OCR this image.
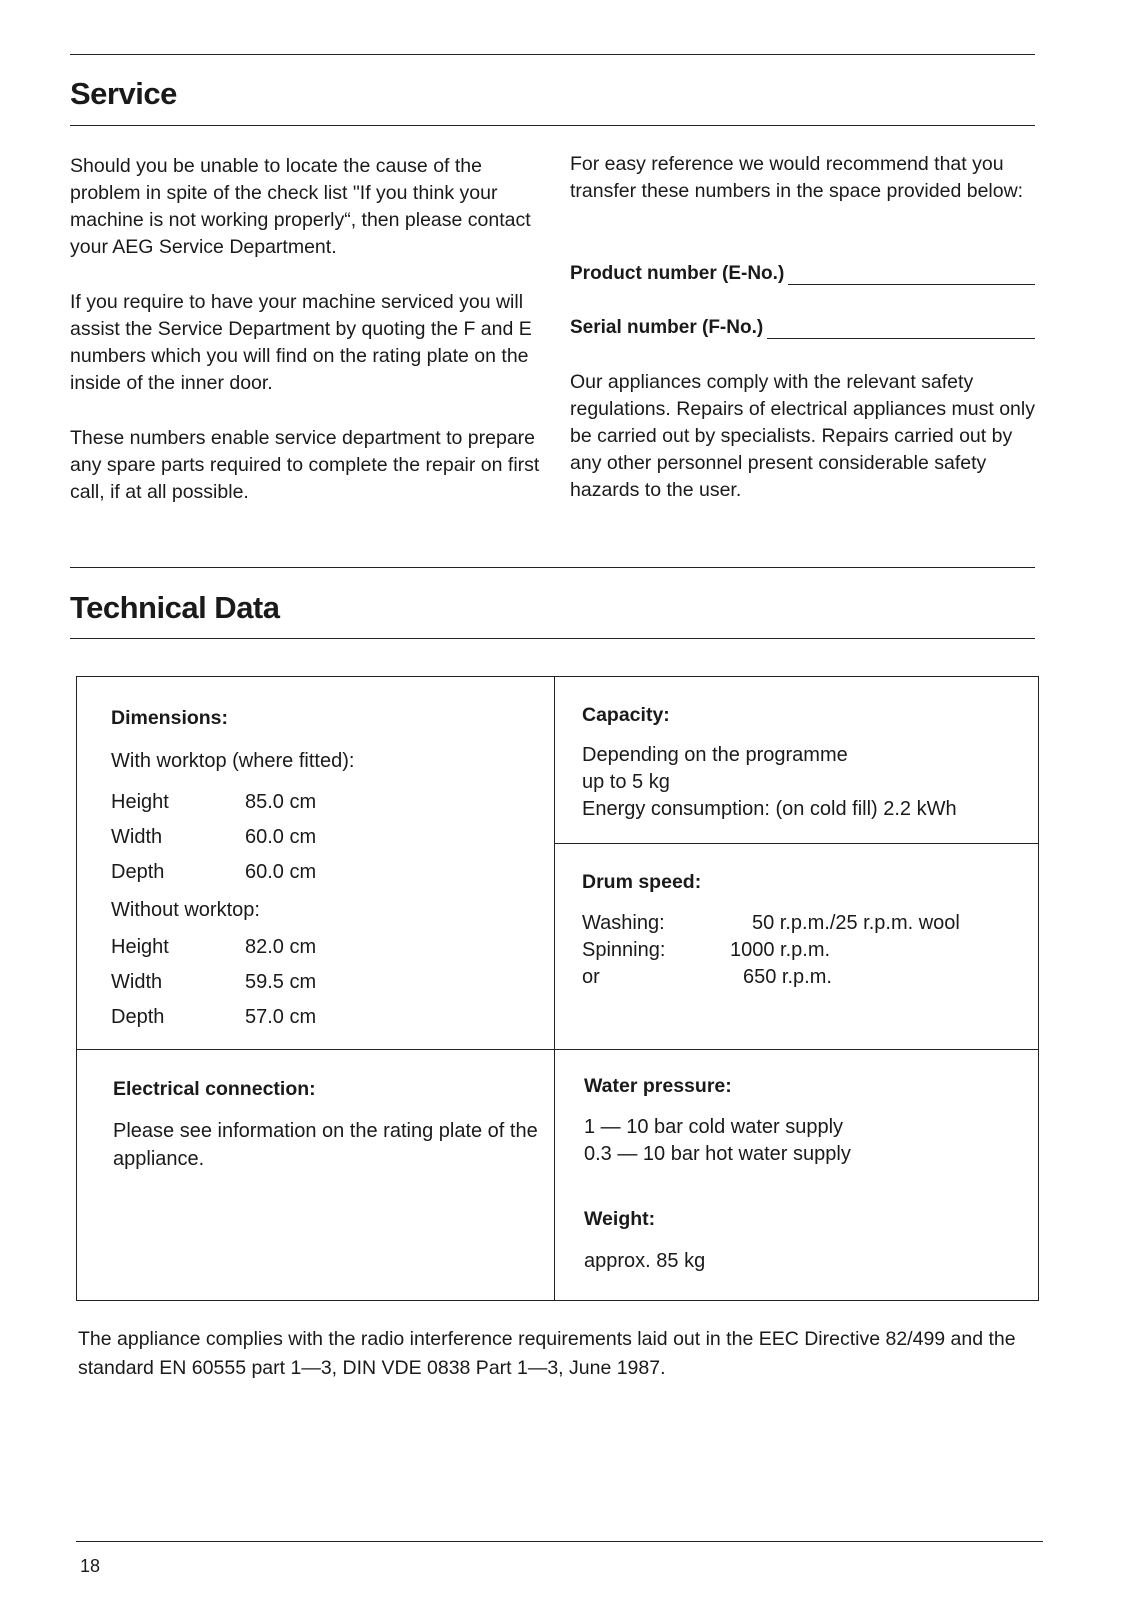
Service

Should you be unable to locate the cause of the problem in spite of the check list "If you think your machine is not working properly“, then please contact your AEG Service Department.

If you require to have your machine serviced you will assist the Service Department by quoting the F and E numbers which you will find on the rating plate on the inside of the inner door.

These numbers enable service department to prepare any spare parts required to complete the repair on first call, if at all possible.

For easy reference we would recommend that you transfer these numbers in the space provided below:

Product number (E-No.)
Serial number (F-No.)

Our appliances comply with the relevant safety regulations. Repairs of electrical appliances must only be carried out by specialists. Repairs carried out by any other personnel present considerable safety hazards to the user.

Technical Data

Dimensions:

With worktop (where fitted):

Height	85.0 cm
Width	60.0 cm
Depth	60.0 cm

Without worktop:

Height	82.0 cm
Width	59.5 cm
Depth	57.0 cm

Capacity:

Depending on the programme

up to 5 kg

Energy consumption: (on cold fill) 2.2 kWh

Drum speed:

Washing:	50 r.p.m./25 r.p.m. wool
Spinning:	1000 r.p.m.
or	650 r.p.m.

Electrical connection:

Please see information on the rating plate of the appliance.

Water pressure:

1 — 10 bar cold water supply

0.3 — 10 bar hot water supply

Weight:

approx. 85 kg

The appliance complies with the radio interference requirements laid out in the EEC Directive 82/499 and the standard EN 60555 part 1—3, DIN VDE 0838 Part 1—3, June 1987.

18
